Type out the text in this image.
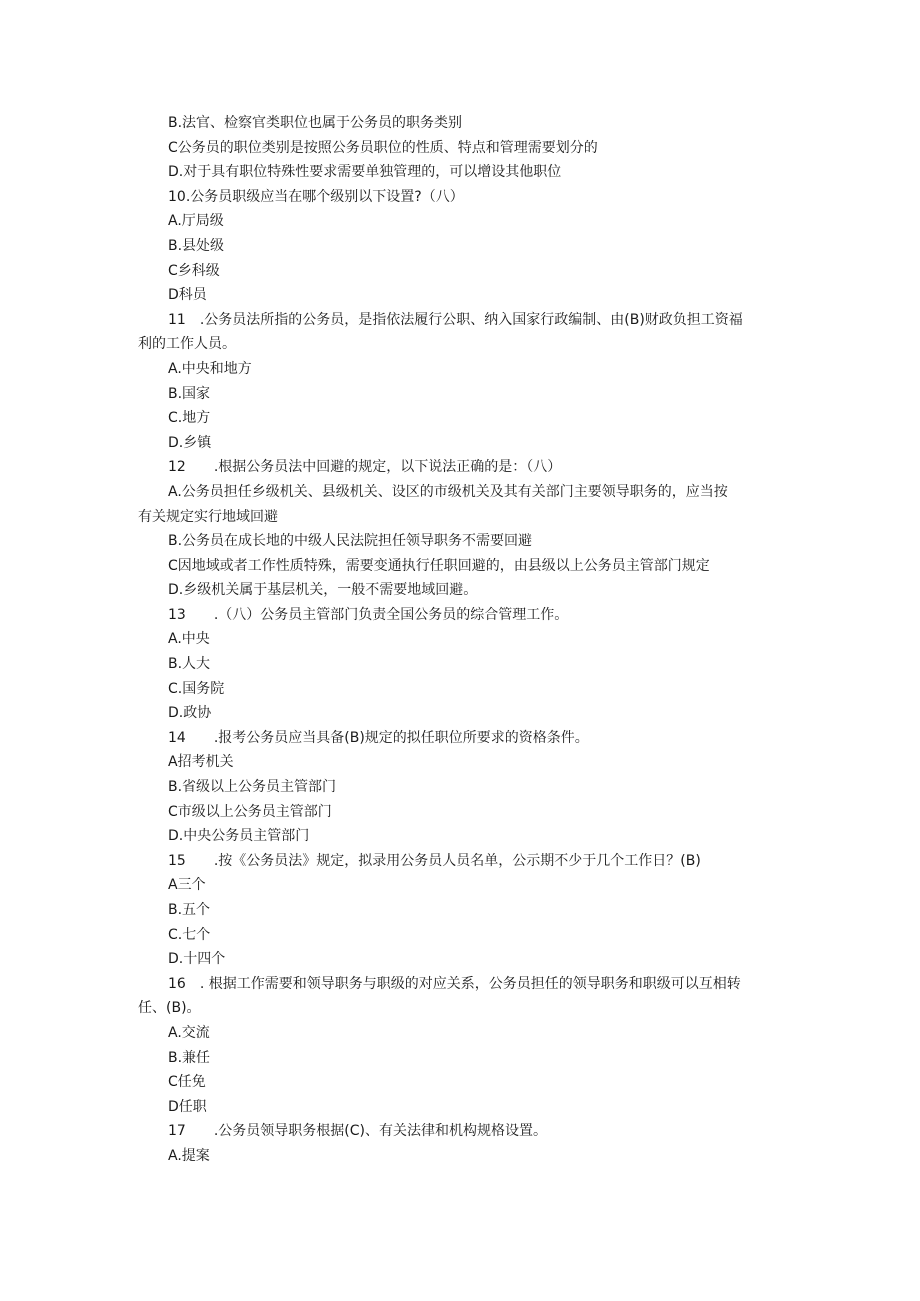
B.法官、检察官类职位也属于公务员的职务类别
C公务员的职位类别是按照公务员职位的性质、特点和管理需要划分的
D.对于具有职位特殊性要求需要单独管理的，可以增设其他职位
10.公务员职级应当在哪个级别以下设置?（八）
A.厅局级
B.县处级
C乡科级
D科员
11　.公务员法所指的公务员，是指依法履行公职、纳入国家行政编制、由(B)财政负担工资福
利的工作人员。
A.中央和地方
B.国家
C.地方
D.乡镇
12　　.根据公务员法中回避的规定，以下说法正确的是：（八）
A.公务员担任乡级机关、县级机关、设区的市级机关及其有关部门主要领导职务的，应当按
有关规定实行地域回避
B.公务员在成长地的中级人民法院担任领导职务不需要回避
C因地域或者工作性质特殊，需要变通执行任职回避的，由县级以上公务员主管部门规定
D.乡级机关属于基层机关，一般不需要地域回避。
13　　.（八）公务员主管部门负责全国公务员的综合管理工作。
A.中央
B.人大
C.国务院
D.政协
14　　.报考公务员应当具备(B)规定的拟任职位所要求的资格条件。
A招考机关
B.省级以上公务员主管部门
C市级以上公务员主管部门
D.中央公务员主管部门
15　　.按《公务员法》规定，拟录用公务员人员名单，公示期不少于几个工作日？(B)
A三个
B.五个
C.七个
D.十四个
16　. 根据工作需要和领导职务与职级的对应关系，公务员担任的领导职务和职级可以互相转
任、(B)。
A.交流
B.兼任
C任免
D任职
17　　.公务员领导职务根据(C)、有关法律和机构规格设置。
A.提案
